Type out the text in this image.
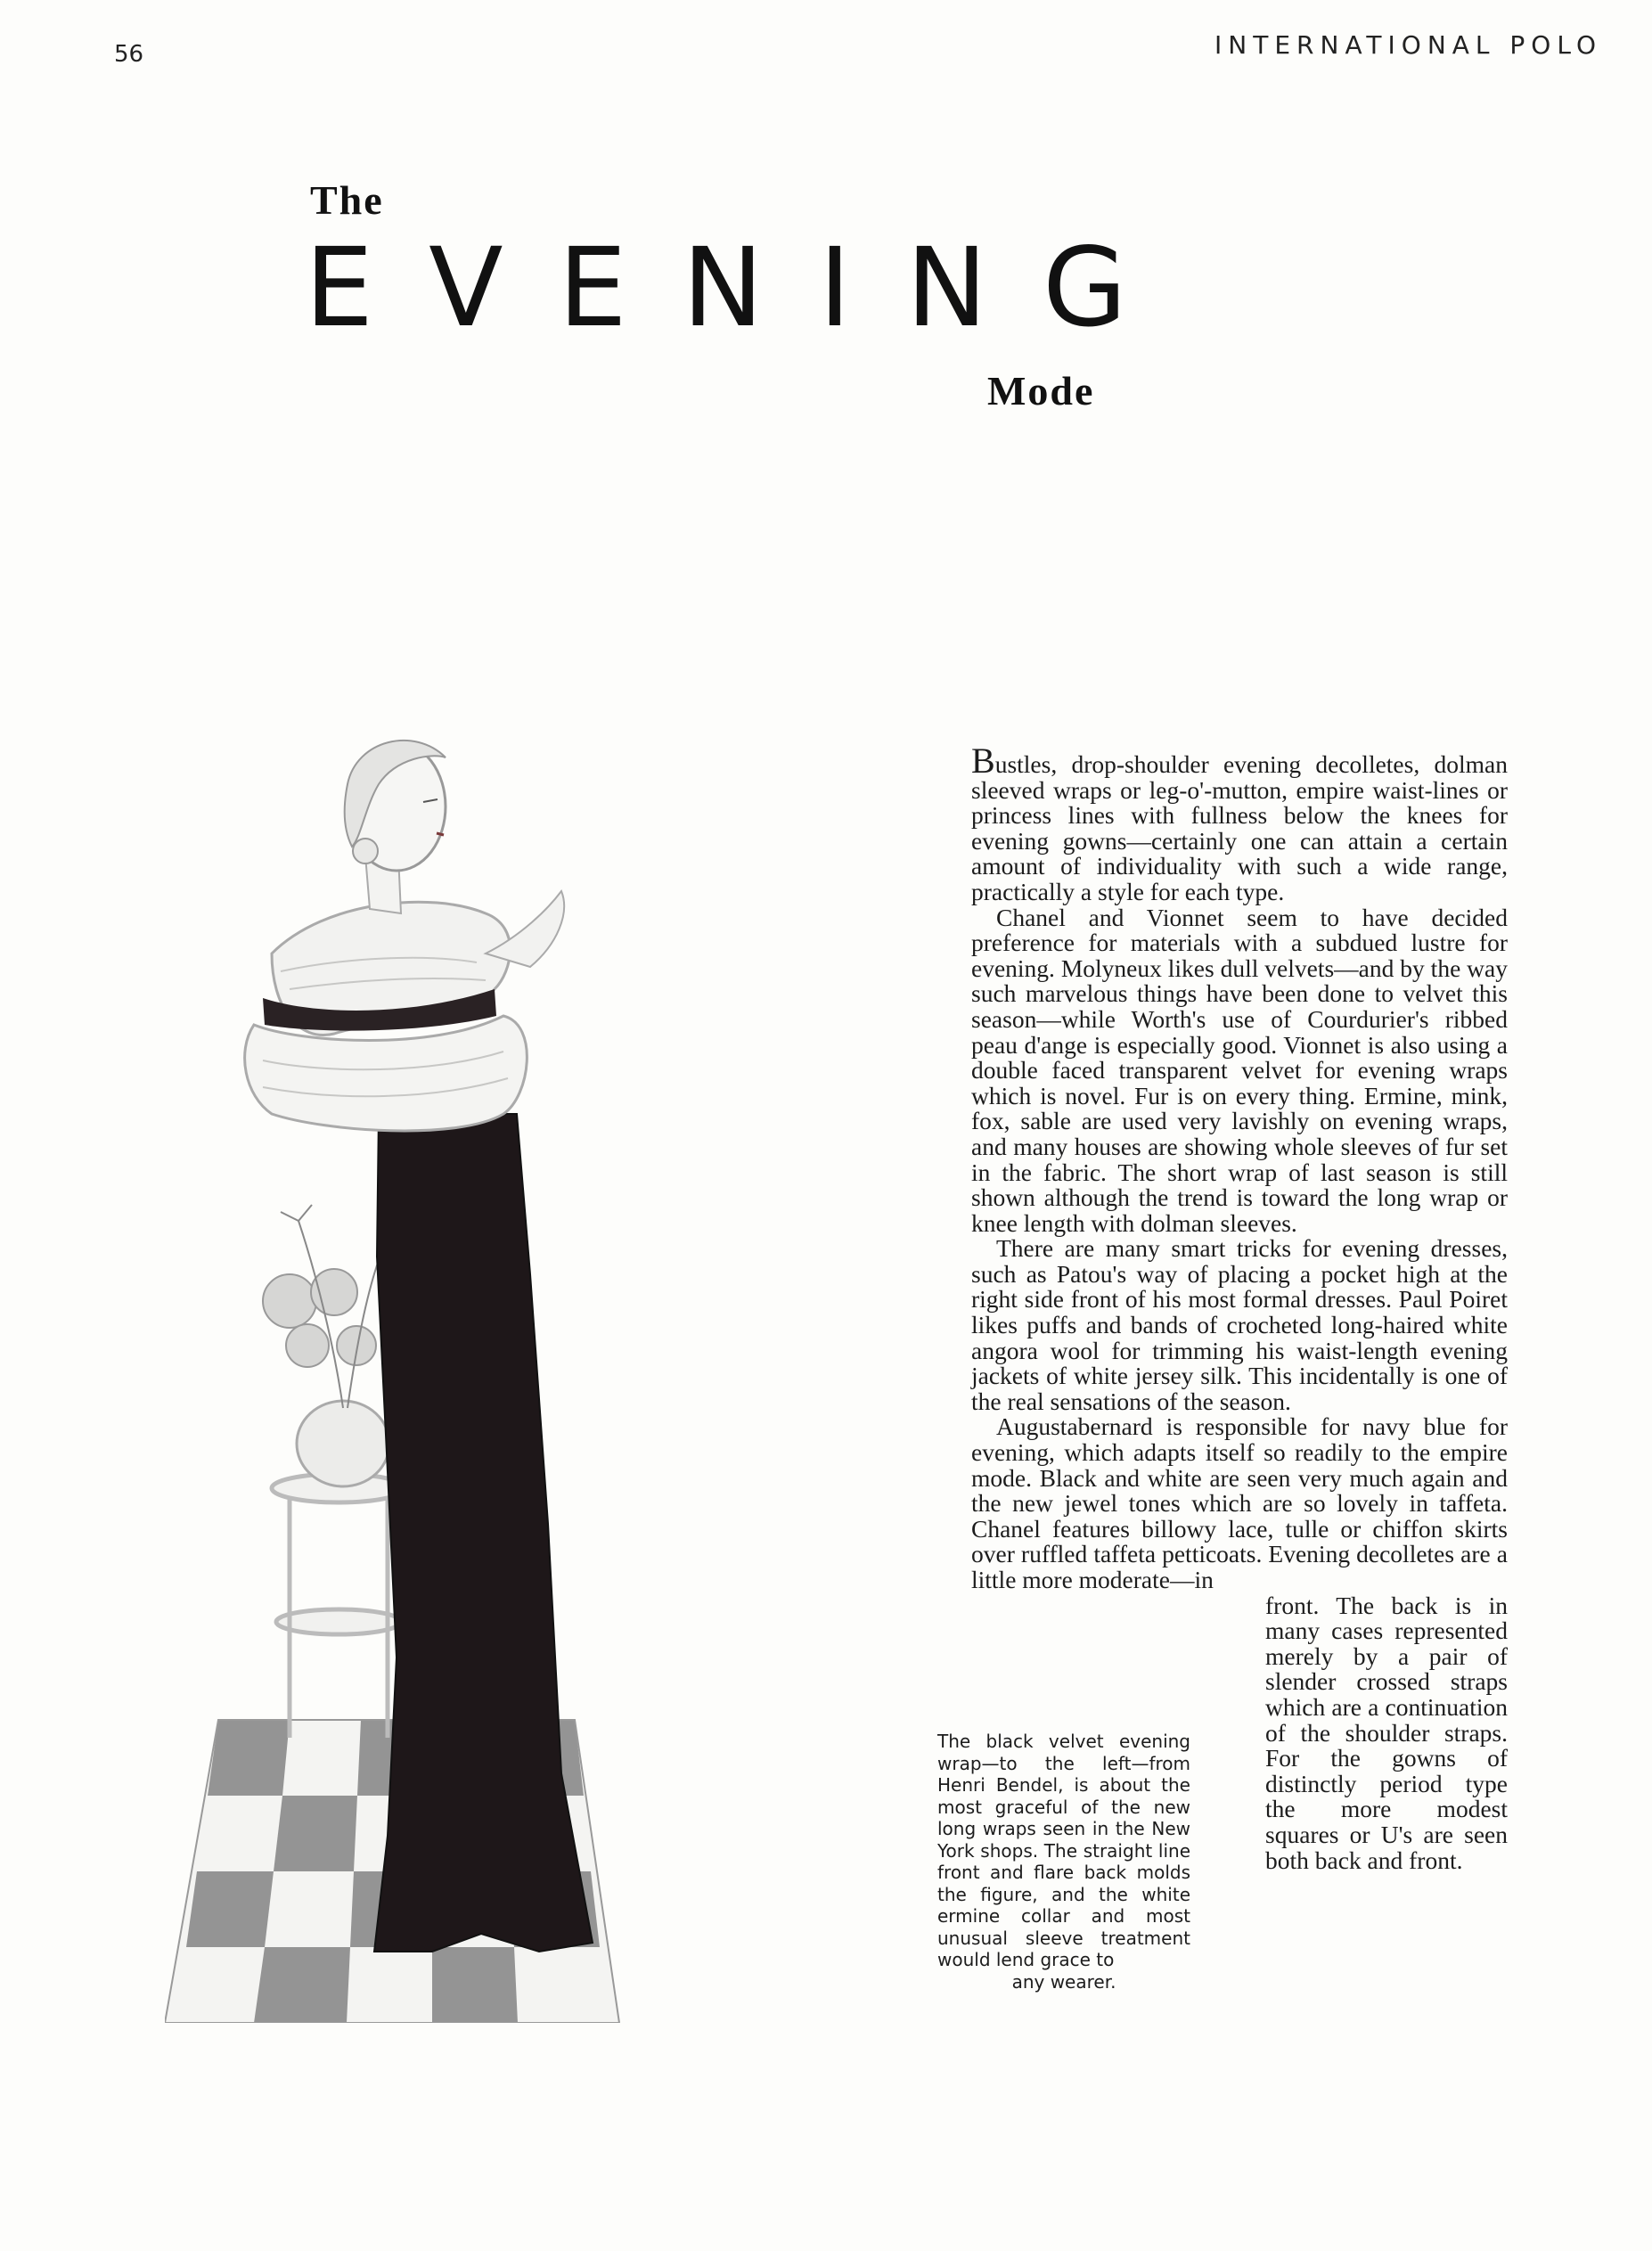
56	INTERNATIONAL POLO
The
EVENING
Mode

Bustles, drop-shoulder evening decolletes, dolman sleeved wraps or leg-o'-mutton, empire waist-lines or princess lines with fullness below the knees for evening gowns—certainly one can attain a certain amount of individuality with such a wide range, practically a style for each type.

Chanel and Vionnet seem to have decided preference for materials with a subdued lustre for evening. Molyneux likes dull velvets—and by the way such marvelous things have been done to velvet this season—while Worth's use of Courdurier's ribbed peau d'ange is especially good. Vionnet is also using a double faced transparent velvet for evening wraps which is novel. Fur is on every thing. Ermine, mink, fox, sable are used very lavishly on evening wraps, and many houses are showing whole sleeves of fur set in the fabric. The short wrap of last season is still shown although the trend is toward the long wrap or knee length with dolman sleeves.

There are many smart tricks for evening dresses, such as Patou's way of placing a pocket high at the right side front of his most formal dresses. Paul Poiret likes puffs and bands of crocheted long-haired white angora wool for trimming his waist-length evening jackets of white jersey silk. This incidentally is one of the real sensations of the season.

Augustabernard is responsible for navy blue for evening, which adapts itself so readily to the empire mode. Black and white are seen very much again and the new jewel tones which are so lovely in taffeta. Chanel features billowy lace, tulle or chiffon skirts over ruffled taffeta petticoats. Evening decolletes are a little more moderate—in

front. The back is in many cases represented merely by a pair of slender crossed straps which are a continuation of the shoulder straps. For the gowns of distinctly period type the more modest squares or U's are seen both back and front.

The black velvet evening wrap—to the left—from Henri Bendel, is about the most graceful of the new long wraps seen in the New York shops. The straight line front and flare back molds the figure, and the white ermine collar and most unusual sleeve treatment would lend grace to
any wearer.
